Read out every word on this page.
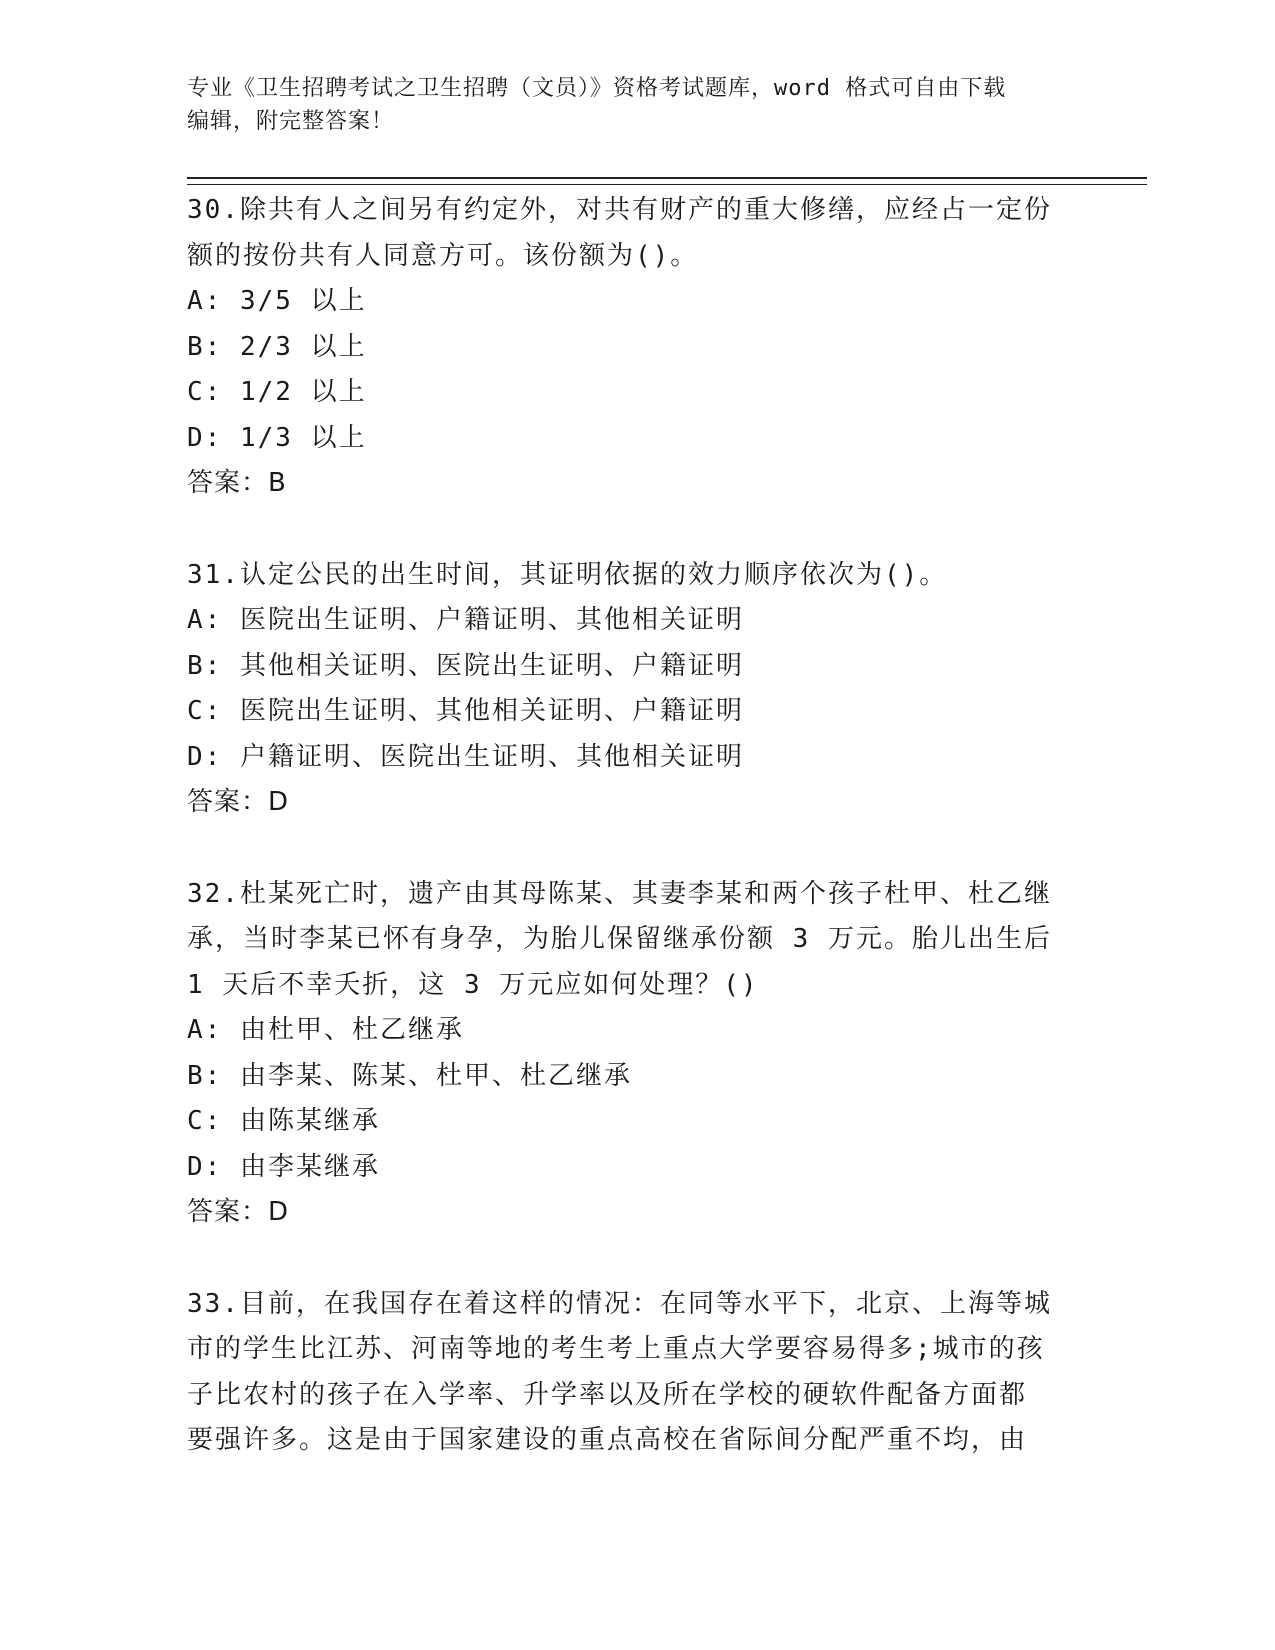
专业《卫生招聘考试之卫生招聘（文员）》资格考试题库，word 格式可自由下载
编辑，附完整答案！
30.除共有人之间另有约定外，对共有财产的重大修缮，应经占一定份
额的按份共有人同意方可。该份额为()。
A: 3/5 以上
B: 2/3 以上
C: 1/2 以上
D: 1/3 以上
答案：B
31.认定公民的出生时间，其证明依据的效力顺序依次为()。
A: 医院出生证明、户籍证明、其他相关证明
B: 其他相关证明、医院出生证明、户籍证明
C: 医院出生证明、其他相关证明、户籍证明
D: 户籍证明、医院出生证明、其他相关证明
答案：D
32.杜某死亡时，遗产由其母陈某、其妻李某和两个孩子杜甲、杜乙继
承，当时李某已怀有身孕，为胎儿保留继承份额 3 万元。胎儿出生后
1 天后不幸夭折，这 3 万元应如何处理？()
A: 由杜甲、杜乙继承
B: 由李某、陈某、杜甲、杜乙继承
C: 由陈某继承
D: 由李某继承
答案：D
33.目前，在我国存在着这样的情况：在同等水平下，北京、上海等城
市的学生比江苏、河南等地的考生考上重点大学要容易得多;城市的孩
子比农村的孩子在入学率、升学率以及所在学校的硬软件配备方面都
要强许多。这是由于国家建设的重点高校在省际间分配严重不均，由
